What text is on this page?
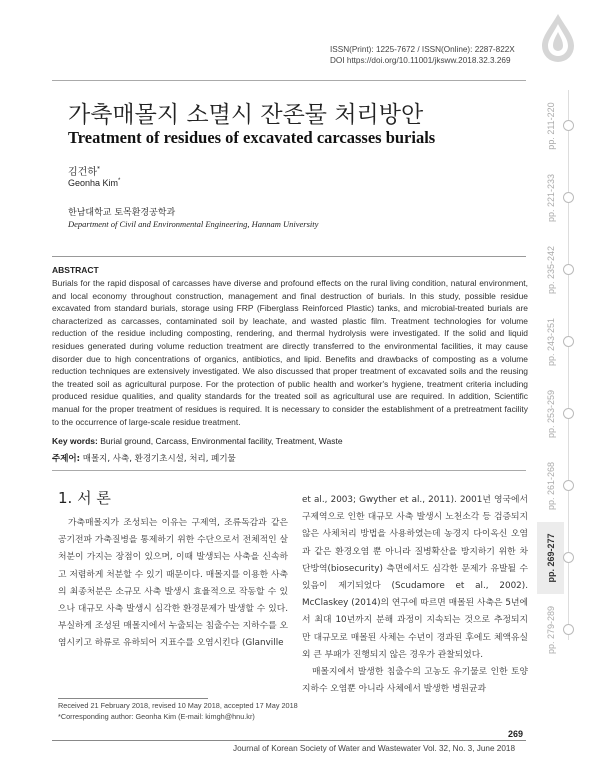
ISSN(Print): 1225-7672 / ISSN(Online): 2287-822X
DOI https://doi.org/10.11001/jksww.2018.32.3.269
가축매몰지 소멸시 잔존물 처리방안
Treatment of residues of excavated carcasses burials
김건하*
Geonha Kim*
한남대학교 토목환경공학과
Department of Civil and Environmental Engineering, Hannam University
ABSTRACT
Burials for the rapid disposal of carcasses have diverse and profound effects on the rural living condition, natural environment, and local economy throughout construction, management and final destruction of burials. In this study, possible residue excavated from standard burials, storage using FRP (Fiberglass Reinforced Plastic) tanks, and microbial-treated burials are characterized as carcasses, contaminated soil by leachate, and wasted plastic film. Treatment technologies for volume reduction of the residue including composting, rendering, and thermal hydrolysis were investigated. If the solid and liquid residues generated during volume reduction treatment are directly transferred to the environmental facilities, it may cause disorder due to high concentrations of organics, antibiotics, and lipid. Benefits and drawbacks of composting as a volume reduction techniques are extensively investigated. We also discussed that proper treatment of excavated soils and the reusing the treated soil as agricultural purpose. For the protection of public health and worker's hygiene, treatment criteria including produced residue qualities, and quality standards for the treated soil as agricultural use are required. In addition, Scientific manual for the proper treatment of residues is required. It is necessary to consider the establishment of a pretreatment facility to the occurrence of large-scale residue treatment.
Key words: Burial ground, Carcass, Environmental facility, Treatment, Waste
주제어: 매몰지, 사축, 환경기초시설, 처리, 폐기물
1. 서 론

가축매몰지가 조성되는 이유는 구제역, 조류독감과 같은 공기전파 가축질병을 통제하기 위한 수단으로서 전체적인 살처분이 가지는 장점이 있으며, 이때 발생되는 사축을 신속하고 저렴하게 처분할 수 있기 때문이다. 매몰지를 이용한 사축의 최종처분은 소규모 사축 발생시 효율적으로 작동할 수 있으나 대규모 사축 발생시 심각한 환경문제가 발생할 수 있다. 부실하게 조성된 매몰지에서 누출되는 침출수는 지하수를 오염시키고 하류로 유하되어 지표수를 오염시킨다 (Glanville

et al., 2003; Gwyther et al., 2011). 2001년 영국에서 구제역으로 인한 대규모 사축 발생시 노천소각 등 검증되지 않은 사체처리 방법을 사용하였는데 농경지 다이옥신 오염과 같은 환경오염 뿐 아니라 질병확산을 방지하기 위한 차단방역(biosecurity) 측면에서도 심각한 문제가 유발될 수 있음이 제기되었다 (Scudamore et al., 2002). McClaskey (2014)의 연구에 따르면 매몰된 사축은 5년에서 최대 10년까지 분해 과정이 지속되는 것으로 추정되지만 대규모로 매몰된 사체는 수년이 경과된 후에도 체액유실 외 큰 부패가 진행되지 않은 경우가 관찰되었다.

매몰지에서 발생한 침출수의 고농도 유기물로 인한 토양 지하수 오염뿐 아니라 사체에서 발생한 병원균과

Received 21 February 2018, revised 10 May 2018, accepted 17 May 2018
*Corresponding author: Geonha Kim (E-mail: kimgh@hnu.kr)
269
Journal of Korean Society of Water and Wastewater Vol. 32, No. 3, June 2018
pp. 211-220
pp. 221-233
pp. 235-242
pp. 243-251
pp. 253-259
pp. 261-268
pp. 269-277
pp. 279-289
